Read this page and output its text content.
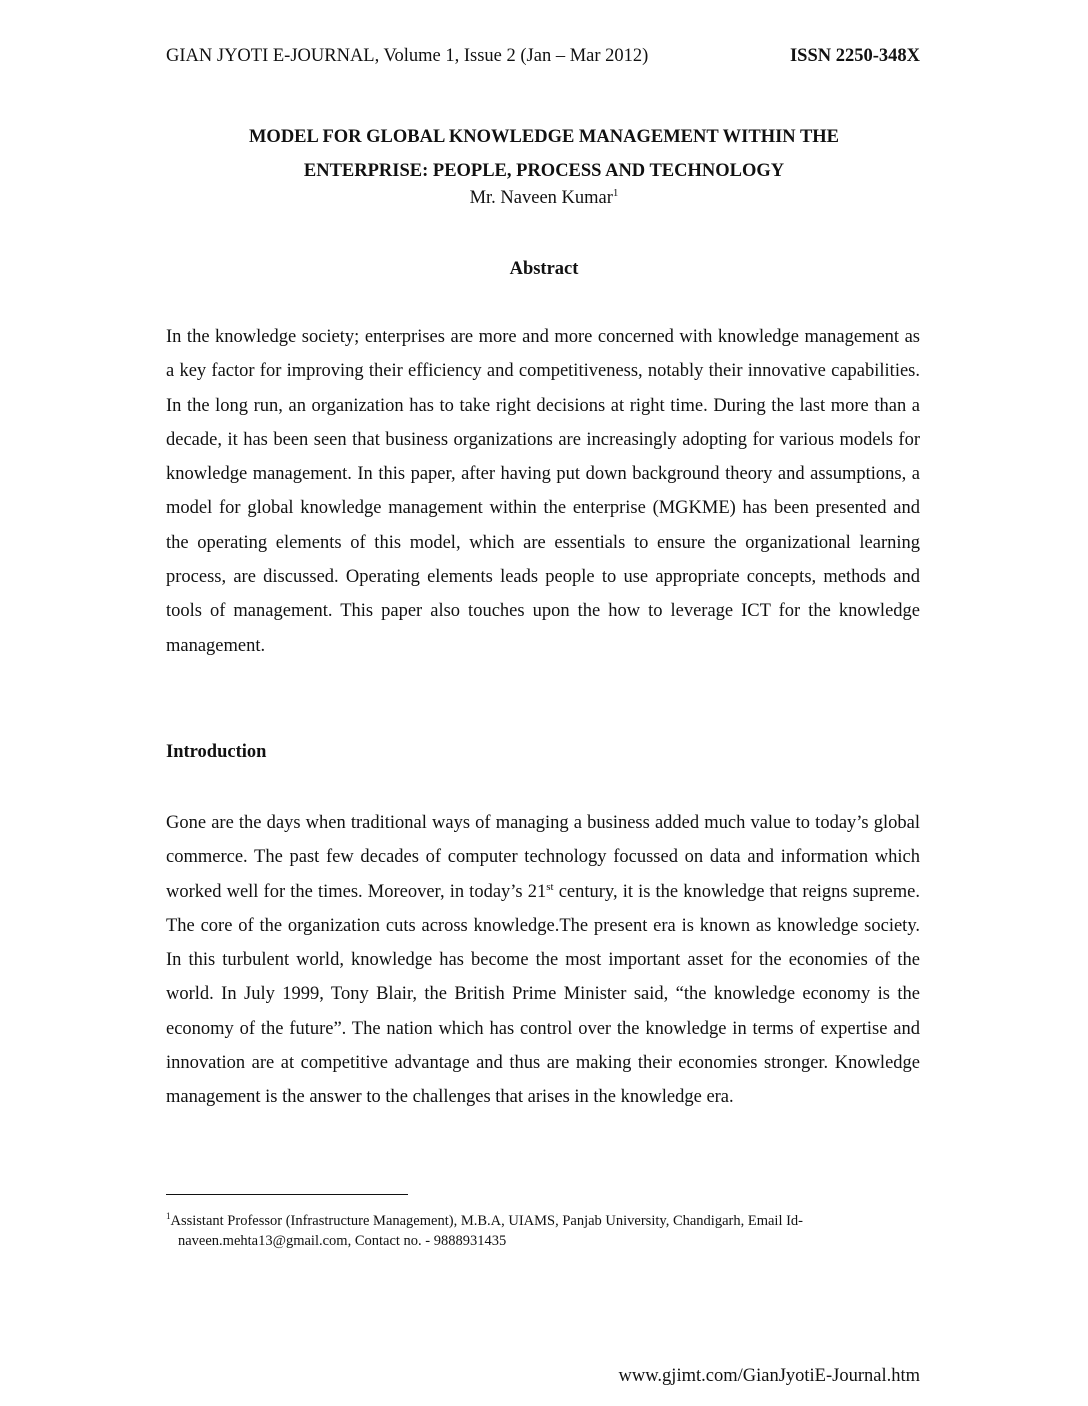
GIAN JYOTI E-JOURNAL, Volume 1, Issue 2 (Jan – Mar 2012)	ISSN 2250-348X
MODEL FOR GLOBAL KNOWLEDGE MANAGEMENT WITHIN THE
ENTERPRISE: PEOPLE, PROCESS AND TECHNOLOGY
Mr. Naveen Kumar$^1$
Abstract
In the knowledge society; enterprises are more and more concerned with knowledge management as a key factor for improving their efficiency and competitiveness, notably their innovative capabilities. In the long run, an organization has to take right decisions at right time. During the last more than a decade, it has been seen that business organizations are increasingly adopting for various models for knowledge management. In this paper, after having put down background theory and assumptions, a model for global knowledge management within the enterprise (MGKME) has been presented and the operating elements of this model, which are essentials to ensure the organizational learning process, are discussed. Operating elements leads people to use appropriate concepts, methods and tools of management. This paper also touches upon the how to leverage ICT for the knowledge management.
Introduction
Gone are the days when traditional ways of managing a business added much value to today’s global commerce. The past few decades of computer technology focussed on data and information which worked well for the times. Moreover, in today’s 21st century, it is the knowledge that reigns supreme. The core of the organization cuts across knowledge.The present era is known as knowledge society. In this turbulent world, knowledge has become the most important asset for the economies of the world. In July 1999, Tony Blair, the British Prime Minister said, “the knowledge economy is the economy of the future”. The nation which has control over the knowledge in terms of expertise and innovation are at competitive advantage and thus are making their economies stronger. Knowledge management is the answer to the challenges that arises in the knowledge era.
$^1$Assistant Professor (Infrastructure Management), M.B.A, UIAMS, Panjab University, Chandigarh, Email Id-
naveen.mehta13@gmail.com, Contact no. - 9888931435
www.gjimt.com/GianJyotiE-Journal.htm
